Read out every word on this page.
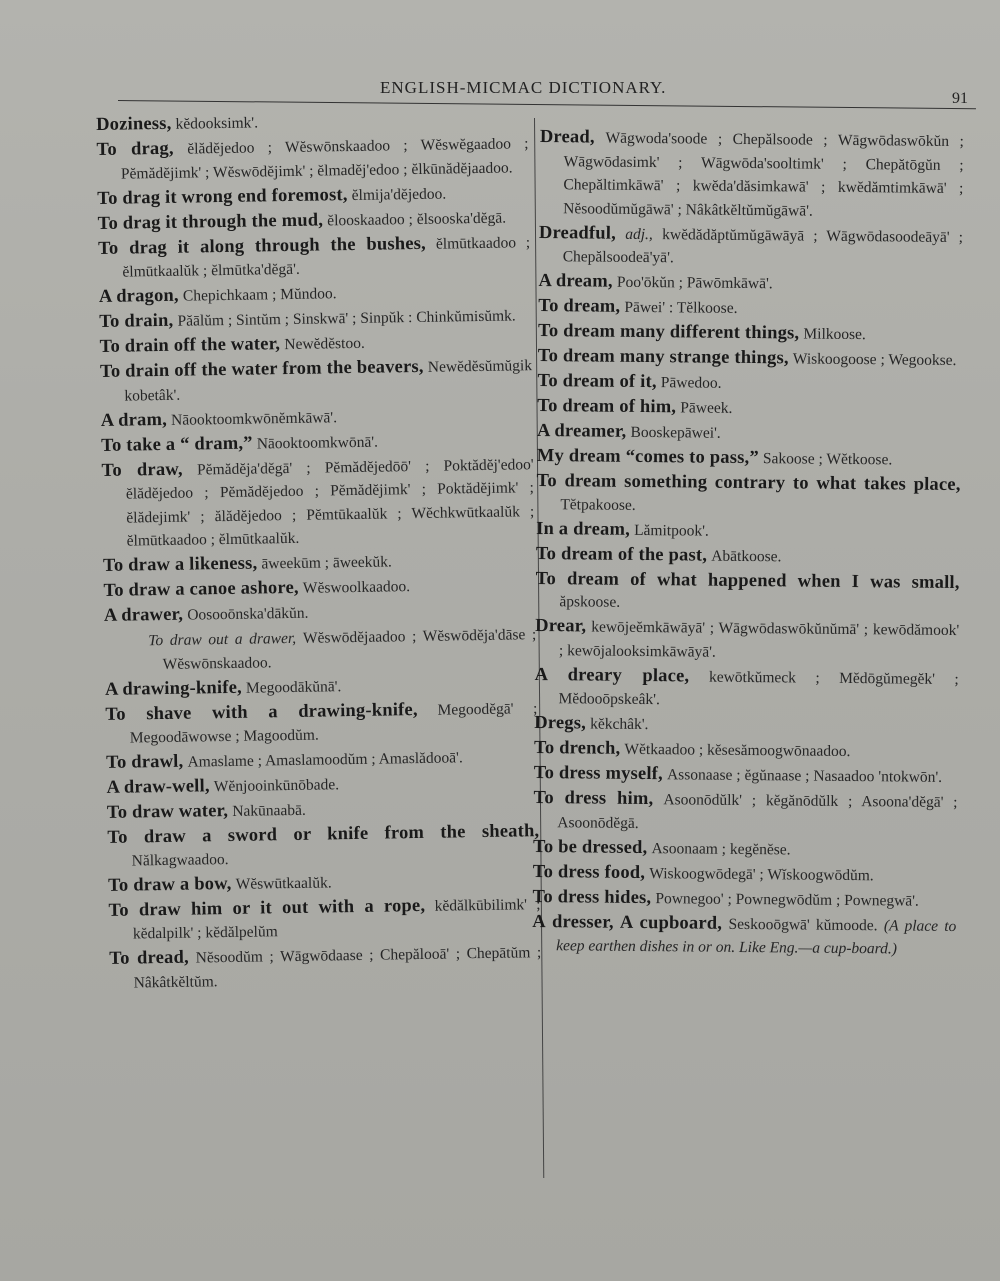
ENGLISH-MICMAC DICTIONARY.
91

Doziness, kĕdooksimk'.

To drag, ĕlădĕjedoo ; Wĕswōnskaadoo ; Wĕswĕgaadoo ; Pĕmădĕjimk' ; Wĕswōdĕjimk' ; ĕlmadĕj'edoo ; ĕlkūnădĕjaadoo.

To drag it wrong end foremost, ĕlmija'dĕjedoo.

To drag it through the mud, ĕlooskaadoo ; ĕlsooska'dĕgā.

To drag it along through the bushes, ĕlmūtkaadoo ; ĕlmūtkaalŭk ; ĕlmūtka'dĕgā'.

A dragon, Chepichkaam ; Mŭndoo.

To drain, Păālŭm ; Sintŭm ; Sinskwā' ; Sinpŭk : Chinkŭmisŭmk.

To drain off the water, Newĕdĕstoo.

To drain off the water from the beavers, Newĕdĕsŭmŭgik kobetâk'.

A dram, Nāooktoomkwōnĕmkāwā'.

To take a “ dram,” Nāooktoomkwōnā'.

To draw, Pĕmădĕja'dĕgā' ; Pĕmădĕjedōō' ; Poktădĕj'edoo' ĕlădĕjedoo ; Pĕmădĕjedoo ; Pĕmădĕjimk' ; Poktădĕjimk' ; ĕlădejimk' ; ălădĕjedoo ; Pĕmtūkaalŭk ; Wĕchkwūtkaalŭk ; ĕlmūtkaadoo ; ĕlmūtkaalŭk.

To draw a likeness, āweekūm ; āweekŭk.

To draw a canoe ashore, Wĕswoolkaadoo.

A drawer, Oosooōnska'dākŭn.

To draw out a drawer, Wĕswōdĕjaadoo ; Wĕswōdĕja'dāse ; Wĕswōnskaadoo.

A drawing-knife, Megoodākŭnā'.

To shave with a drawing-knife, Megoodĕgā' ; Megoodāwowse ; Magoodŭm.

To drawl, Amaslame ; Amaslamoodŭm ; Amaslădooā'.

A draw-well, Wĕnjooinkūnōbade.

To draw water, Nakūnaabā.

To draw a sword or knife from the sheath, Nălkagwaadoo.

To draw a bow, Wĕswūtkaalŭk.

To draw him or it out with a rope, kĕdălkūbilimk' ; kĕdalpilk' ; kĕdălpelŭm

To dread, Nĕsoodŭm ; Wāgwōdaase ; Chepălooā' ; Chepātŭm ; Nâkâtkĕltŭm.

Dread, Wāgwoda'soode ; Chepălsoode ; Wāgwōdaswōkŭn ; Wāgwōdasimk' ; Wāgwōda'sooltimk' ; Chepătōgŭn ; Chepăltimkāwā' ; kwĕda'dăsimkawā' ; kwĕdămtimkāwā' ; Nĕsoodŭmŭgāwā' ; Nâkâtkĕltŭmŭgāwā'.

Dreadful, adj., kwĕdădăptŭmŭgāwāyā ; Wāgwōdasoodeāyā' ; Chepălsoodeā'yā'.

A dream, Poo'ōkŭn ; Pāwōmkāwā'.

To dream, Pāwei' : Tĕlkoose.

To dream many different things, Milkoose.

To dream many strange things, Wiskoogoose ; Wegookse.

To dream of it, Pāwedoo.

To dream of him, Pāweek.

A dreamer, Booskepāwei'.

My dream “comes to pass,” Sakoose ; Wĕtkoose.

To dream something contrary to what takes place, Tĕtpakoose.

In a dream, Lămitpook'.

To dream of the past, Abātkoose.

To dream of what happened when I was small, ăpskoose.

Drear, kewōjeĕmkāwāyā' ; Wāgwōdaswōkŭnŭmā' ; kewōdămook' ; kewōjalooksimkāwāyā'.

A dreary place, kewōtkŭmeck ; Mĕdōgŭmegĕk' ; Mĕdooōpskeâk'.

Dregs, kĕkchâk'.

To drench, Wĕtkaadoo ; kĕsesămoogwōnaadoo.

To dress myself, Assonaase ; ĕgŭnaase ; Nasaadoo 'ntokwōn'.

To dress him, Asoonōdŭlk' ; kĕgănōdŭlk ; Asoona'dĕgā' ; Asoonōdĕgā.

To be dressed, Asoonaam ; kegĕnĕse.

To dress food, Wiskoogwōdegā' ; Wĭskoogwōdŭm.

To dress hides, Pownegoo' ; Pownegwōdŭm ; Pownegwā'.

A dresser, A cupboard, Seskooōgwā' kŭmoode. (A place to keep earthen dishes in or on. Like Eng.—a cup-board.)
